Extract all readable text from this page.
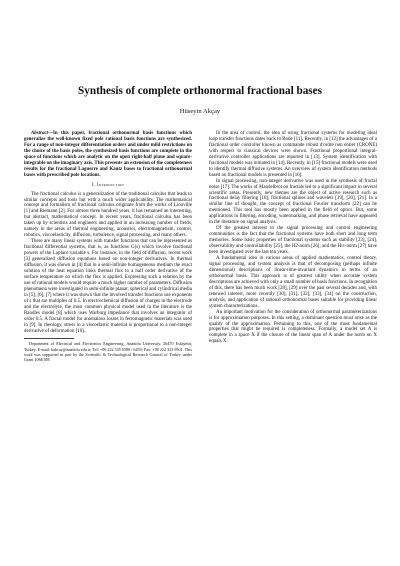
Synthesis of complete orthonormal fractional bases
Hüseyin Akçay

Abstract—In this paper, fractional orthonormal basis functions which generalize the well-known fixed pole rational basis functions are synthesized. For a range of non-integer differentiation orders and under mild restrictions on the choice of the basis poles, the synthesized basis functions are complete in the space of functions which are analytic on the open right-half plane and square-integrable on the imaginary axis. This presents an extension of the completeness results for the fractional Laguerre and Kautz bases to fractional orthonormal bases with prescribed pole locations.

I. Introduction

The fractional calculus is a generalization of the traditional calculus that leads to similar concepts and tools but with a much wider applicability. The mathematical concept and formalism of fractional calculus originate from the works of Liouville [1] and Riemann [2]. For almost three hundred years, it has remained an interesting, but abstract, mathematical concept. In recent years, fractional calculus has been taken up by scientists and engineers and applied in an increasing number of fields, namely in the areas of thermal engineering, acoustics, electromagnetism, control, robotics, viscoelasticity, diffusion, turbulence, signal processing, and many others.

There are many linear systems with transfer functions that can be represented as fractional differential systems, that is, as functions G(s) which involve fractional powers of the Laplace variable s. For instance, in the field of diffusion, recent work [3] generalized diffusion equations based on non-integer derivatives. In thermal diffusion, it was shown in [4] that in a semi-infinite homogeneous medium the exact solution of the heat equation links thermal flux to a half order derivative of the surface temperature on which the flux is applied. Expressing such a relation by the use of rational models would require a much higher number of parameters. Diffusion phenomena were investigated in semi-infinite planar, spherical and cylindrical media in [5], [6], [7] where it was shown that the involved transfer functions use exponents of s that are multiples of 0.5. In electrochemical diffusion of charges in the electrode and the electrolyte, the most common physical model used in the literature is the Randles model [8] which uses Warburg impedance that involves an integrator of order 0.5. A fractal model for anomalous losses in ferromagnetic materials was used in [9]. In rheology, stress in a viscoelastic material is proportional to a non-integer derivative of deformation [10].

Department of Electrical and Electronics Engineering, Anadolu University, 26470 Eskişehir, Turkey. E-mail: hakcay@anadolu.edu.tr; Tel: +90 222 335 0580 / 6459; Fax: +90 222 323 9501. This work was supported in part by the Scientific & Technological Research Council of Turkey under Grant 106E108.

In the area of control, the idea of using fractional systems for modeling ideal loop transfer functions dates back to Bode [11]. Recently, in [12] the advantages of a fractional order controller known as commande robust d'ordre non entier (CRONE) with respect to classical devices were shown. Fractional proportional integral-derivative controller applications are reported in [13]. System identification with fractional models was initiated in [14]. Recently, in [15] fractional models were used to identify thermal diffusive systems. An overview of system identification methods based on fractional models is presented in [16].

In signal processing, non-integer derivative was used in the synthesis of fractal noise [17]. The works of Mandelbrot on fractals led to a significant impact in several scientific areas. Presently, new themes are the object of active research such as fractional delay filtering [18], fractional splines and wavelets [19], [20], [21]. In a similar line of thought, the concept of fractional Fourier transform [22] can be mentioned. This tool has mostly been applied in the field of optics. But, some applications to filtering, encoding, watermarking, and phase retrieval have appeared in the literature on signal analysis.

Of the greatest interest to the signal processing and control engineering communities is the fact that the fractional systems have both short and long term memories. Some basic properties of fractional systems such as stability [23], [24], observability and controllability [25], the H2-norm [26], and the H∞-norm [27] have been investigated over the last ten years.

A fundamental idea in various areas of applied mathematics, control theory, signal processing, and system analysis is that of decomposing (perhaps infinite dimensional) descriptions of linear-time-invariant dynamics in terms of an orthonormal basis. This approach is of greatest utility when accurate system descriptions are achieved with only a small number of basis functions. In recognition of this, there has been much work [28], [29] over the past several decades and, with renewed interest, more recently [30], [31], [32], [33], [34] on the construction, analysis, and application of rational orthonormal bases suitable for providing linear system characterizations.

An important motivation for the consideration of orthonormal parameterizations is for approximation purposes. In this setting, a dominant question must arise as the quality of the approximation. Pertaining to this, one of the most fundamental properties that might be required is completeness. Formally, a model set A is complete in a space X if the closure of the linear span of A under the norm on X equals X.
